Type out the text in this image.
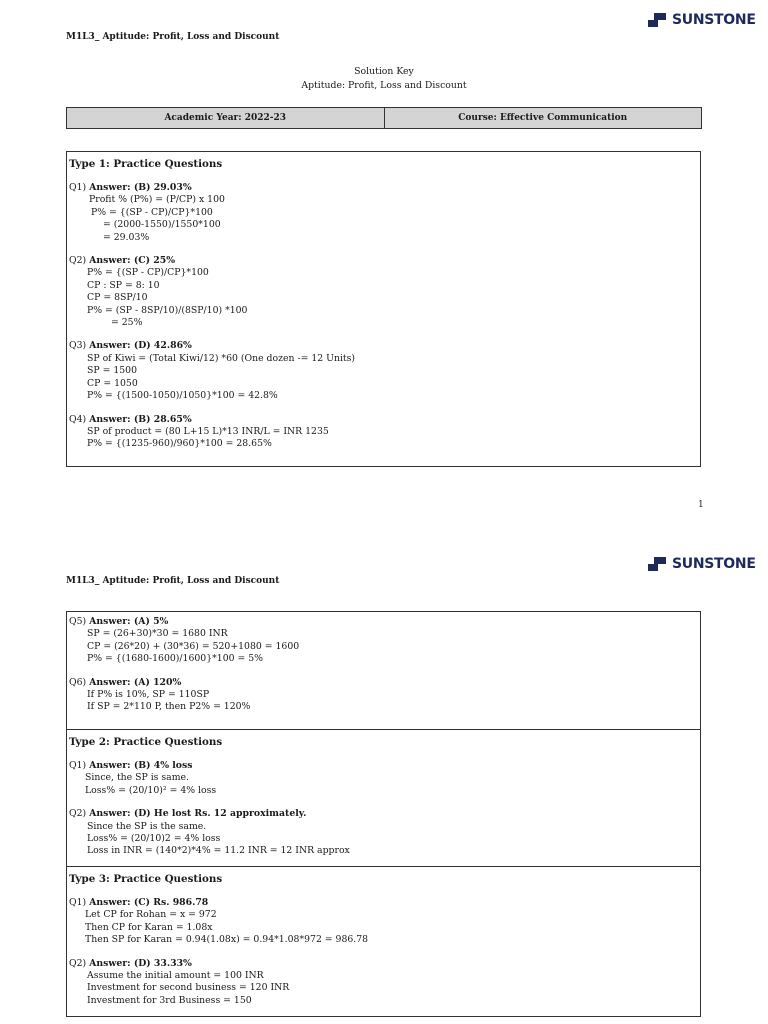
M1L3_ Aptitude: Profit, Loss and Discount
SUNSTONE
Solution Key
Aptitude: Profit, Loss and Discount
Academic Year: 2022-23	Course: Effective Communication
Type 1: Practice Questions
Q1) Answer: (B) 29.03%
Profit % (P%) = (P/CP) x 100
P% = {(SP - CP)/CP}*100
= (2000-1550)/1550*100
= 29.03%
Q2) Answer: (C) 25%
P% = {(SP - CP)/CP}*100
CP : SP = 8: 10
CP = 8SP/10
P% = (SP - 8SP/10)/(8SP/10) *100
= 25%
Q3) Answer: (D) 42.86%
SP of Kiwi = (Total Kiwi/12) *60 (One dozen -= 12 Units)
SP = 1500
CP = 1050
P% = {(1500-1050)/1050}*100 = 42.8%
Q4) Answer: (B) 28.65%
SP of product = (80 L+15 L)*13 INR/L = INR 1235
P% = {(1235-960)/960}*100 = 28.65%
1
SUNSTONE
M1L3_ Aptitude: Profit, Loss and Discount
Q5) Answer: (A) 5%
SP = (26+30)*30 = 1680 INR
CP = (26*20) + (30*36) = 520+1080 = 1600
P% = {(1680-1600)/1600}*100 = 5%
Q6) Answer: (A) 120%
If P% is 10%, SP = 110SP
If SP = 2*110 P, then P2% = 120%
Type 2: Practice Questions
Q1) Answer: (B) 4% loss
Since, the SP is same.
Loss% = (20/10)² = 4% loss
Q2) Answer: (D) He lost Rs. 12 approximately.
Since the SP is the same.
Loss% = (20/10)2 = 4% loss
Loss in INR = (140*2)*4% = 11.2 INR = 12 INR approx
Type 3: Practice Questions
Q1) Answer: (C) Rs. 986.78
Let CP for Rohan = x = 972
Then CP for Karan = 1.08x
Then SP for Karan = 0.94(1.08x) = 0.94*1.08*972 = 986.78
Q2) Answer: (D) 33.33%
Assume the initial amount = 100 INR
Investment for second business = 120 INR
Investment for 3rd Business = 150
